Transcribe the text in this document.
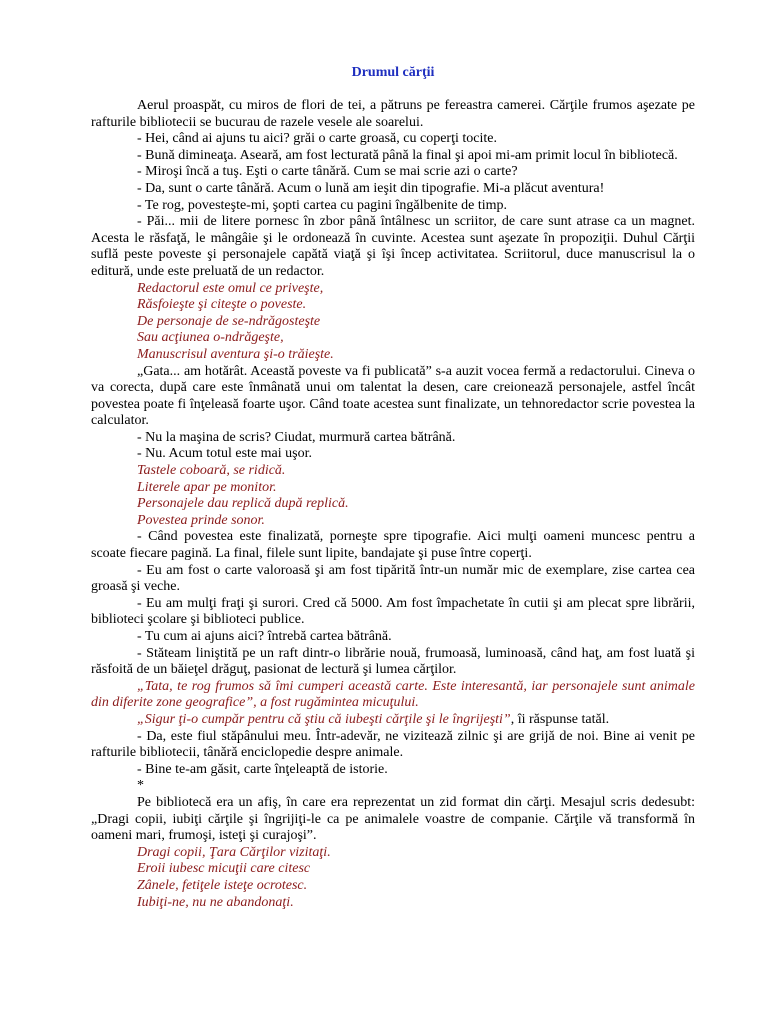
Drumul cărţii

Aerul proaspăt, cu miros de flori de tei, a pătruns pe fereastra camerei. Cărţile frumos aşezate pe rafturile bibliotecii se bucurau de razele vesele ale soarelui.

- Hei, când ai ajuns tu aici? grăi o carte groasă, cu coperţi tocite.

- Bună dimineaţa. Aseară, am fost lecturată până la final şi apoi mi-am primit locul în bibliotecă.

- Miroşi încă a tuş. Eşti o carte tânără. Cum se mai scrie azi o carte?

- Da, sunt o carte tânără. Acum o lună am ieşit din tipografie. Mi-a plăcut aventura!

- Te rog, povesteşte-mi, şopti cartea cu pagini îngălbenite de timp.

- Păi... mii de litere pornesc în zbor până întâlnesc un scriitor, de care sunt atrase ca un magnet. Acesta le răsfaţă, le mângâie şi le ordonează în cuvinte. Acestea sunt aşezate în propoziţii. Duhul Cărţii suflă peste poveste şi personajele capătă viaţă şi îşi încep activitatea. Scriitorul, duce manuscrisul la o editură, unde este preluată de un redactor.

Redactorul este omul ce priveşte,

Răsfoieşte şi citeşte o poveste.

De personaje de se-ndrăgosteşte

Sau acţiunea o-ndrăgeşte,

Manuscrisul aventura şi-o trăieşte.

„Gata... am hotărât. Această poveste va fi publicată” s-a auzit vocea fermă a redactorului. Cineva o va corecta, după care este înmânată unui om talentat la desen, care creionează personajele, astfel încât povestea poate fi înţeleasă foarte uşor. Când toate acestea sunt finalizate, un tehnoredactor scrie povestea la calculator.

- Nu la maşina de scris? Ciudat, murmură cartea bătrână.

- Nu. Acum totul este mai uşor.

Tastele coboară, se ridică.

Literele apar pe monitor.

Personajele dau replică după replică.

Povestea prinde sonor.

- Când povestea este finalizată, porneşte spre tipografie. Aici mulţi oameni muncesc pentru a scoate fiecare pagină. La final, filele sunt lipite, bandajate şi puse între coperţi.

- Eu am fost o carte valoroasă şi am fost tipărită într-un număr mic de exemplare, zise cartea cea groasă şi veche.

- Eu am mulţi fraţi şi surori. Cred că 5000. Am fost împachetate în cutii şi am plecat spre librării, biblioteci şcolare şi biblioteci publice.

- Tu cum ai ajuns aici? întrebă cartea bătrână.

- Stăteam liniştită pe un raft dintr-o librărie nouă, frumoasă, luminoasă, când haţ, am fost luată şi răsfoită de un băieţel drăguţ, pasionat de lectură şi lumea cărţilor.

„Tata, te rog frumos să îmi cumperi această carte. Este interesantă, iar personajele sunt animale din diferite zone geografice”, a fost rugămintea micuţului.

„Sigur ţi-o cumpăr pentru că ştiu că iubeşti cărţile şi le îngrijeşti”, îi răspunse tatăl.

- Da, este fiul stăpânului meu. Într-adevăr, ne vizitează zilnic şi are grijă de noi. Bine ai venit pe rafturile bibliotecii, tânără enciclopedie despre animale.

- Bine te-am găsit, carte înţeleaptă de istorie.

*

Pe bibliotecă era un afiş, în care era reprezentat un zid format din cărţi. Mesajul scris dedesubt: „Dragi copii, iubiţi cărţile şi îngrijiţi-le ca pe animalele voastre de companie. Cărţile vă transformă în oameni mari, frumoşi, isteţi şi curajoşi”.

Dragi copii, Ţara Cărţilor vizitaţi.

Eroii iubesc micuţii care citesc

Zânele, fetiţele isteţe ocrotesc.

Iubiţi-ne, nu ne abandonaţi.
